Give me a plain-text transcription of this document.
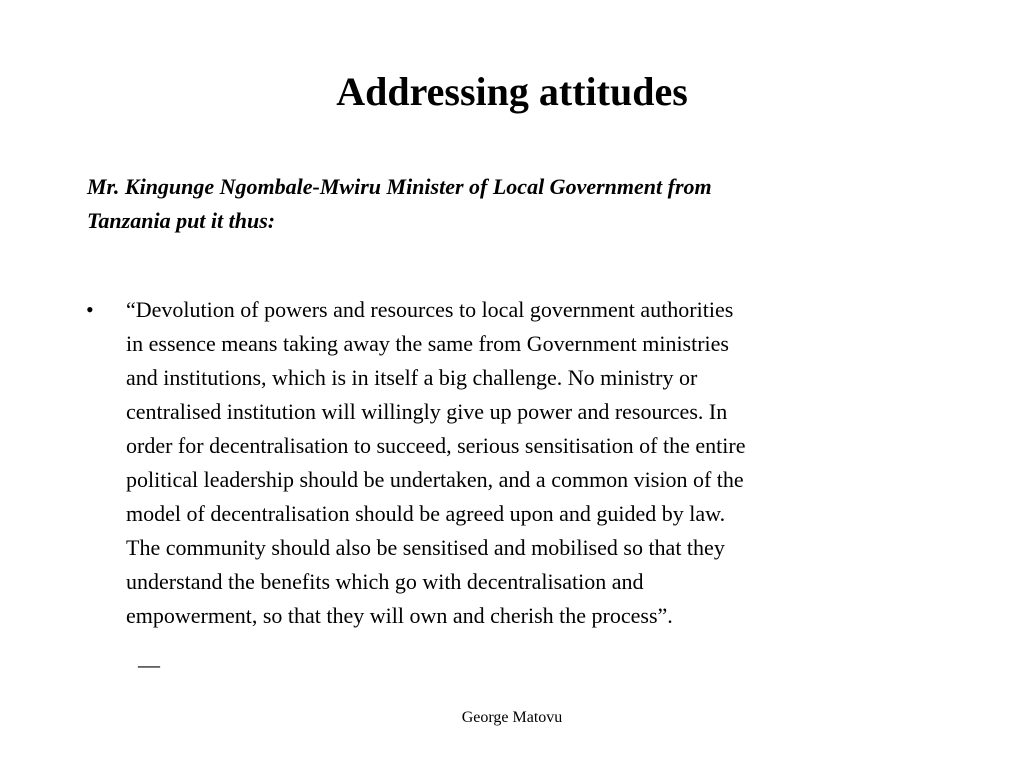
Addressing attitudes
Mr. Kingunge Ngombale-Mwiru Minister of Local Government from
Tanzania put it thus:
• “Devolution of powers and resources to local government authorities
in essence means taking away the same from Government ministries
and institutions, which is in itself a big challenge. No ministry or
centralised institution will willingly give up power and resources. In
order for decentralisation to succeed, serious sensitisation of the entire
political leadership should be undertaken, and a common vision of the
model of decentralisation should be agreed upon and guided by law.
The community should also be sensitised and mobilised so that they
understand the benefits which go with decentralisation and
empowerment, so that they will own and cherish the process”.
—
George Matovu
